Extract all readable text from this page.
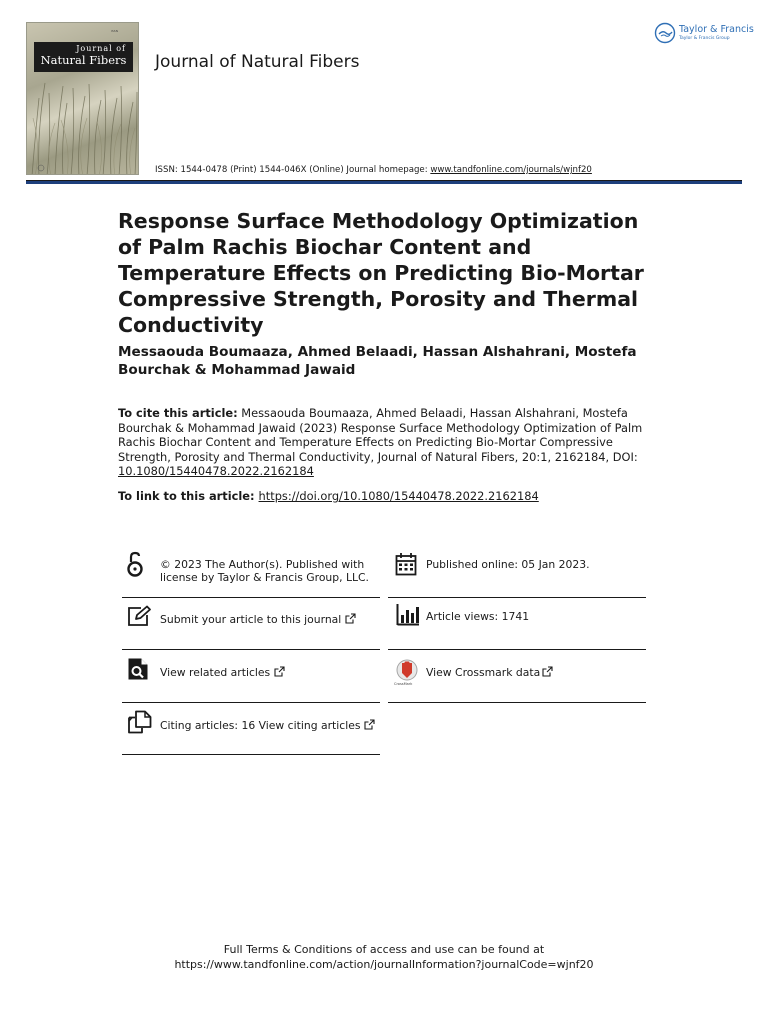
ISSN
Journal of
Natural Fibers	Journal of Natural Fibers
ISSN: 1544-0478 (Print) 1544-046X (Online) Journal homepage: www.tandfonline.com/journals/wjnf20
Taylor & Francis
Taylor & Francis Group
Response Surface Methodology Optimization of Palm Rachis Biochar Content and Temperature Effects on Predicting Bio-Mortar Compressive Strength, Porosity and Thermal Conductivity
Messaouda Boumaaza, Ahmed Belaadi, Hassan Alshahrani, Mostefa Bourchak & Mohammad Jawaid
To cite this article: Messaouda Boumaaza, Ahmed Belaadi, Hassan Alshahrani, Mostefa Bourchak & Mohammad Jawaid (2023) Response Surface Methodology Optimization of Palm Rachis Biochar Content and Temperature Effects on Predicting Bio-Mortar Compressive Strength, Porosity and Thermal Conductivity, Journal of Natural Fibers, 20:1, 2162184, DOI: 10.1080/15440478.2022.2162184
To link to this article: https://doi.org/10.1080/15440478.2022.2162184
© 2023 The Author(s). Published with
license by Taylor & Francis Group, LLC.
Published online: 05 Jan 2023.
Submit your article to this journal	Article views: 1741
View related articles
CrossMark
View Crossmark data
Citing articles: 16 View citing articles
Full Terms & Conditions of access and use can be found at
https://www.tandfonline.com/action/journalInformation?journalCode=wjnf20
